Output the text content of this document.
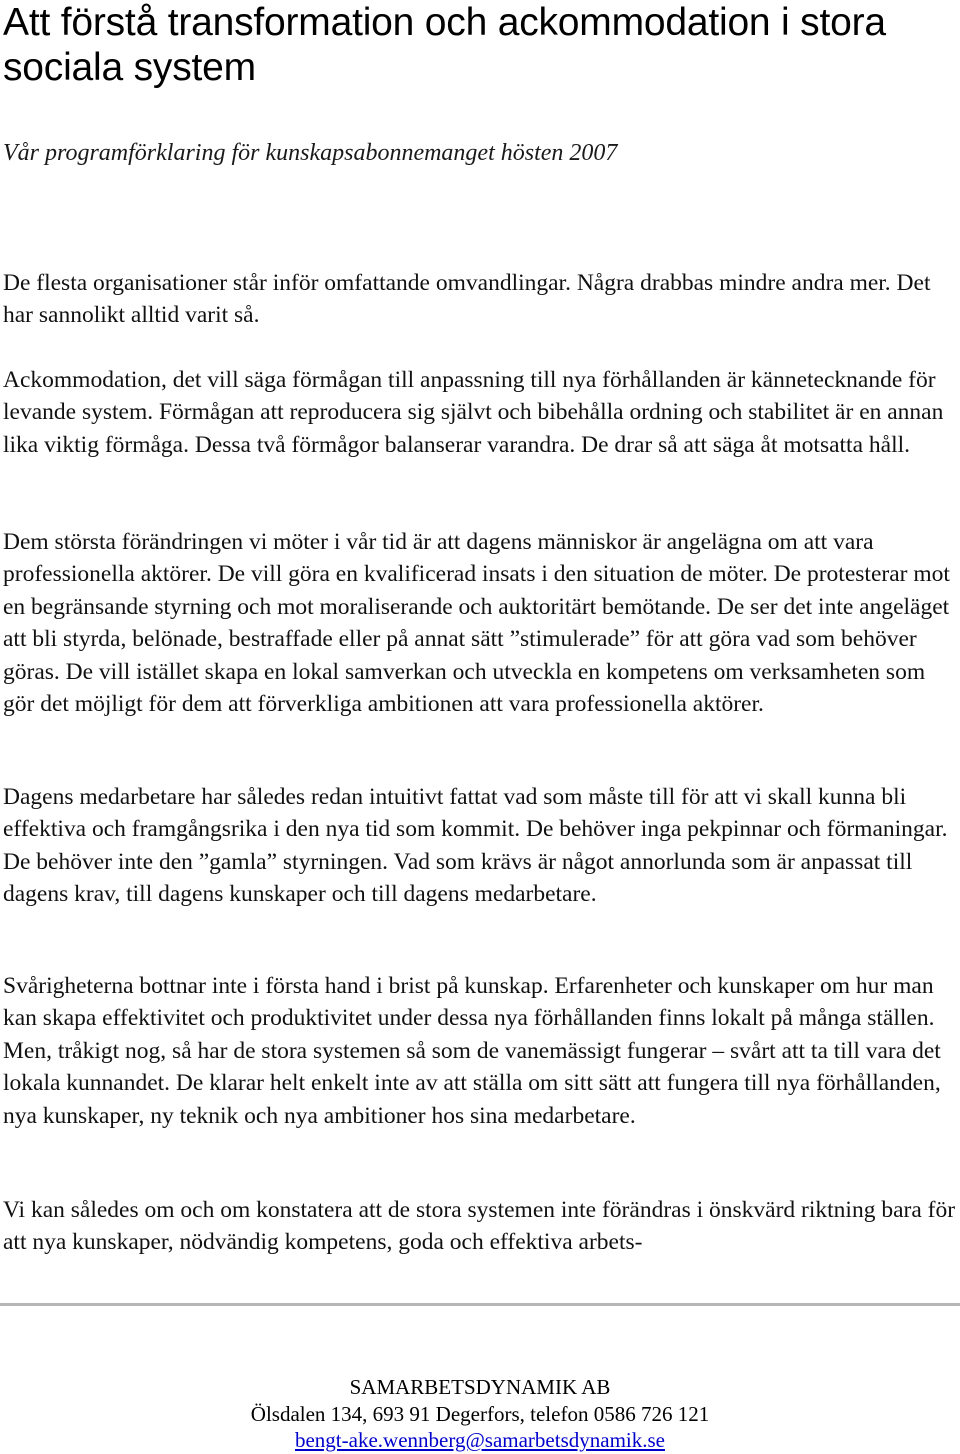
Att förstå transformation och ackommodation i stora sociala system

Vår programförklaring för kunskapsabonnemanget hösten 2007

De flesta organisationer står inför omfattande omvandlingar. Några drabbas mindre andra mer. Det har sannolikt alltid varit så.

Ackommodation, det vill säga förmågan till anpassning till nya förhållanden är kännetecknande för levande system. Förmågan att reproducera sig självt och bibehålla ordning och stabilitet är en annan lika viktig förmåga. Dessa två förmågor balanserar varandra. De drar så att säga åt motsatta håll.

Dem största förändringen vi möter i vår tid är att dagens människor är angelägna om att vara professionella aktörer. De vill göra en kvalificerad insats i den situation de möter. De protesterar mot en begränsande styrning och mot moraliserande och auktoritärt bemötande. De ser det inte angeläget att bli styrda, belönade, bestraffade eller på annat sätt ”stimulerade” för att göra vad som behöver göras. De vill istället skapa en lokal samverkan och utveckla en kompetens om verksamheten som gör det möjligt för dem att förverkliga ambitionen att vara professionella aktörer.

Dagens medarbetare har således redan intuitivt fattat vad som måste till för att vi skall kunna bli effektiva och framgångsrika i den nya tid som kommit. De behöver inga pekpinnar och förmaningar. De behöver inte den ”gamla” styrningen. Vad som krävs är något annorlunda som är anpassat till dagens krav, till dagens kunskaper och till dagens medarbetare.

Svårigheterna bottnar inte i första hand i brist på kunskap. Erfarenheter och kunskaper om hur man kan skapa effektivitet och produktivitet under dessa nya förhållanden finns lokalt på många ställen. Men, tråkigt nog, så har de stora systemen så som de vanemässigt fungerar – svårt att ta till vara det lokala kunnandet. De klarar helt enkelt inte av att ställa om sitt sätt att fungera till nya förhållanden, nya kunskaper, ny teknik och nya ambitioner hos sina medarbetare.

Vi kan således om och om konstatera att de stora systemen inte förändras i önskvärd riktning bara för att nya kunskaper, nödvändig kompetens, goda och effektiva arbets-

SAMARBETSDYNAMIK AB

Ölsdalen 134, 693 91 Degerfors, telefon 0586 726 121

bengt-ake.wennberg@samarbetsdynamik.se
